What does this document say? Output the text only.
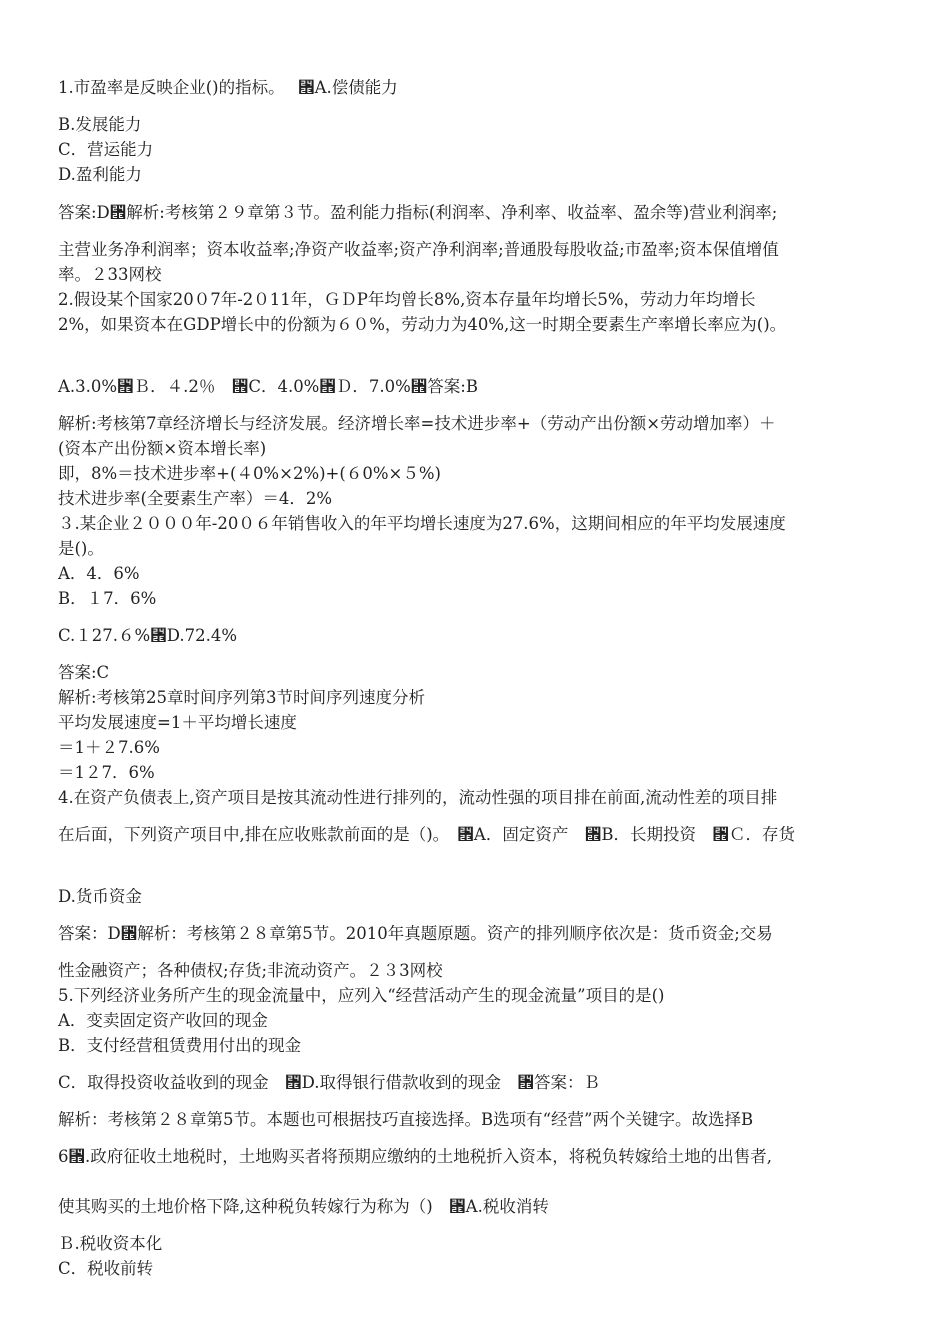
1.市盈率是反映企业()的指标。　 ␮A.偿债能力
B.发展能力
C．营运能力
D.盈利能力
答案:D␮解析:考核第２９章第３节。盈利能力指标(利润率、净利率、收益率、盈余等)营业利润率;
主营业务净利润率；资本收益率;净资产收益率;资产净利润率;普通股每股收益;市盈率;资本保值增值
率。２33网校
2.假设某个国家20０7年-2０11年，ＧＤP年均曾长8%,资本存量年均增长5%，劳动力年均增长
2%，如果资本在GDP增长中的份额为６０%，劳动力为40%,这一时期全要素生产率增长率应为()。
A.3.0%␮Ｂ．４.2％　␮C．4.0%␮Ｄ．7.0%␮答案:B
解析:考核第7章经济增长与经济发展。经济增长率=技术进步率+（劳动产出份额×劳动增加率）＋
(资本产出份额×资本增长率)
即，8%＝技术进步率+(４0%×2%)+(６0%×５%)
技术进步率(全要素生产率）＝4．2%
３.某企业２０００年-20０６年销售收入的年平均增长速度为27.6%，这期间相应的年平均发展速度
是()。
A．4．6%
B．１7．6%
C.１27.６%␮D.72.4%
答案:C
解析:考核第25章时间序列第3节时间序列速度分析
平均发展速度=1＋平均增长速度
＝1＋２7.6%
＝1２7．6%
4.在资产负债表上,资产项目是按其流动性进行排列的，流动性强的项目排在前面,流动性差的项目排
在后面，下列资产项目中,排在应收账款前面的是（)。　␮A．固定资产　␮B．长期投资　␮Ｃ．存货
D.货币资金
答案：D␮解析：考核第２８章第5节。2010年真题原题。资产的排列顺序依次是：货币资金;交易
性金融资产；各种债权;存货;非流动资产。２３3网校
5.下列经济业务所产生的现金流量中，应列入“经营活动产生的现金流量”项目的是()
A．变卖固定资产收回的现金
B．支付经营租赁费用付出的现金
C．取得投资收益收到的现金　␮D.取得银行借款收到的现金　␮答案：Ｂ
解析：考核第２８章第5节。本题也可根据技巧直接选择。B选项有“经营”两个关键字。故选择B
6␮.政府征收土地税时，土地购买者将预期应缴纳的土地税折入资本，将税负转嫁给土地的出售者,
使其购买的土地价格下降,这种税负转嫁行为称为（)　␮A.税收消转
Ｂ.税收资本化
C．税收前转
